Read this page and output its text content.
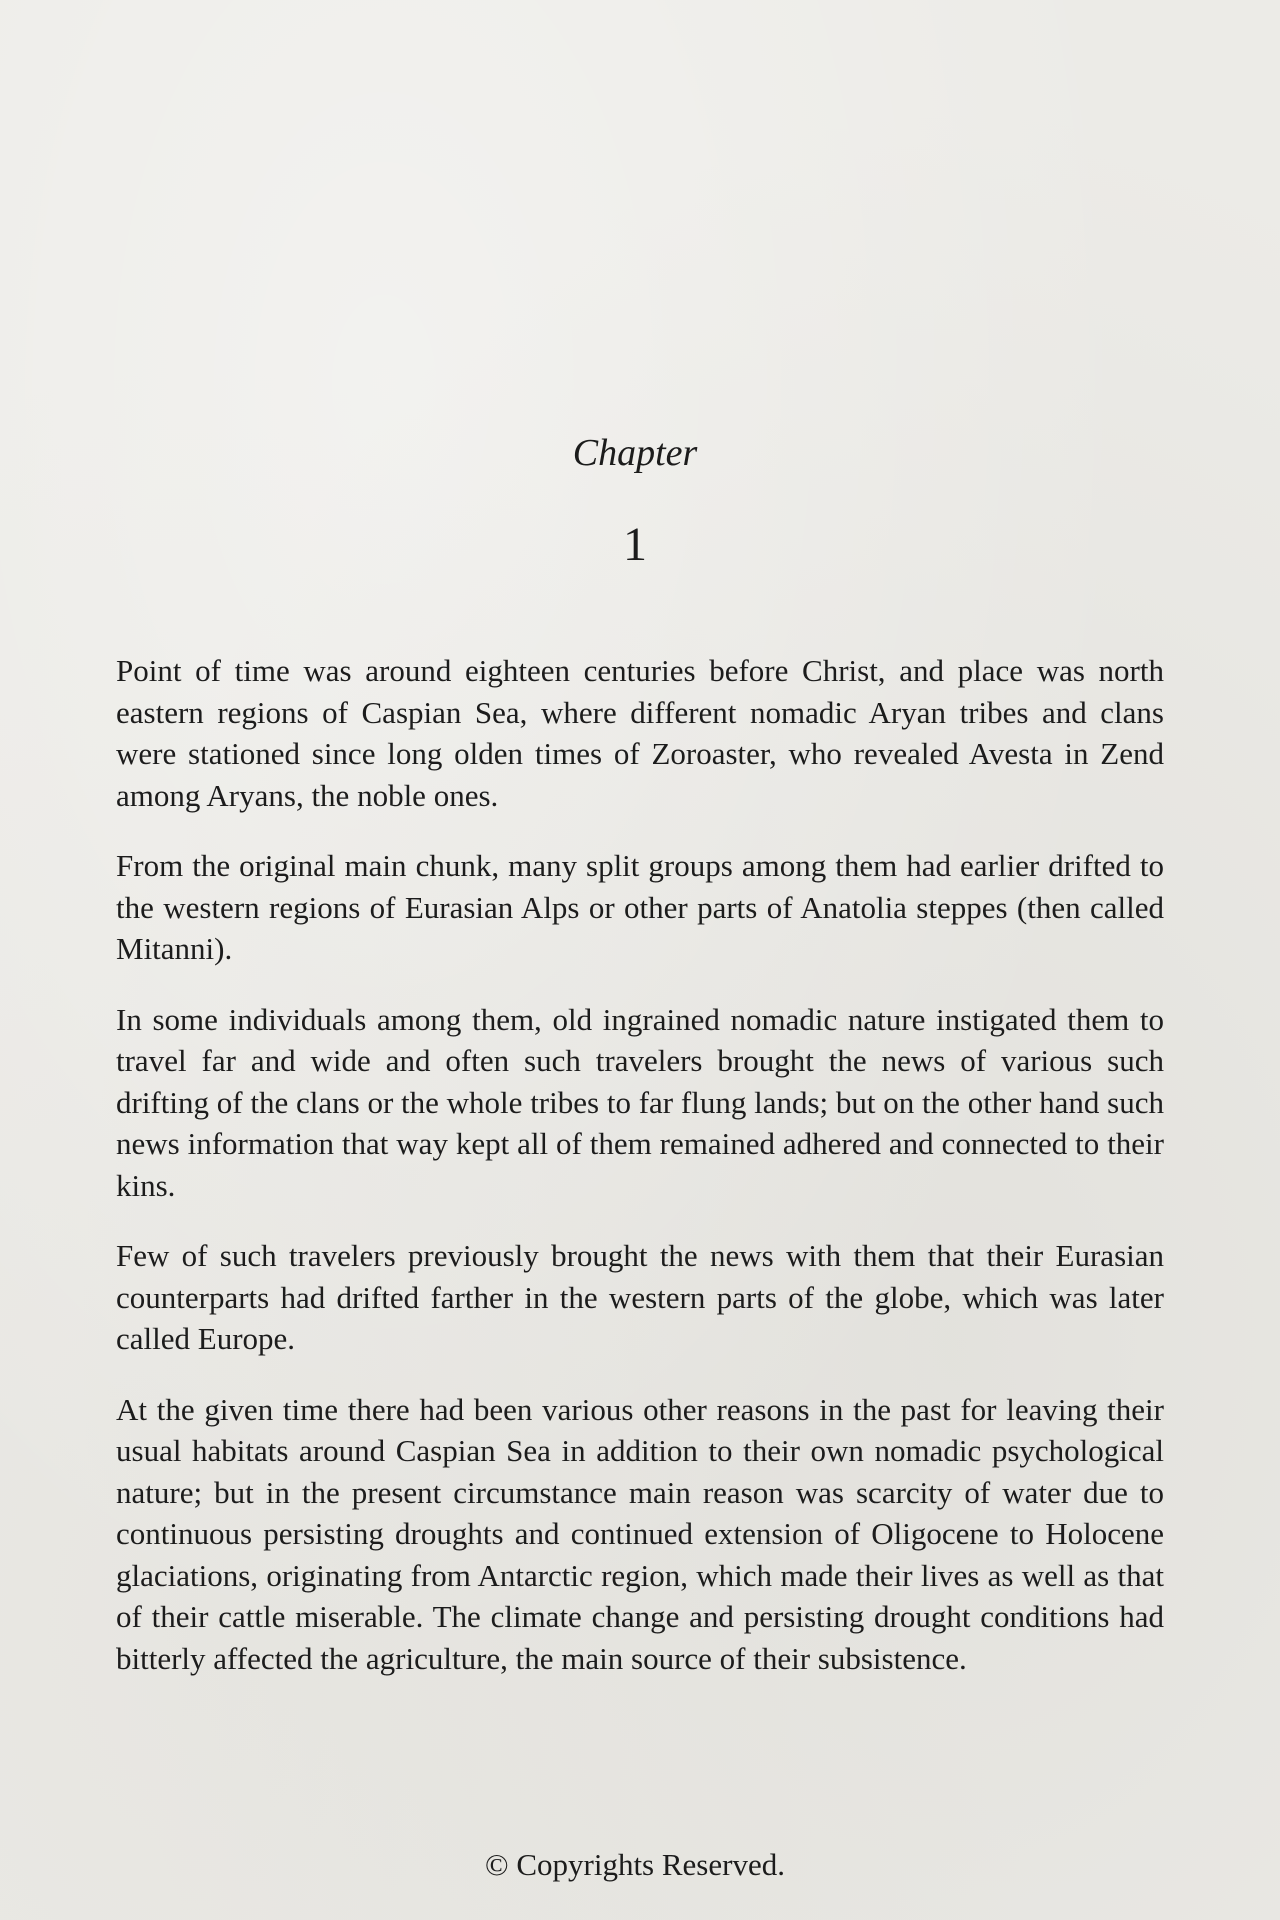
Chapter
1

Point of time was around eighteen centuries before Christ, and place was north eastern regions of Caspian Sea, where different nomadic Aryan tribes and clans were stationed since long olden times of Zoroaster, who revealed Avesta in Zend among Aryans, the noble ones.

From the original main chunk, many split groups among them had earlier drifted to the western regions of Eurasian Alps or other parts of Anatolia steppes (then called Mitanni).

In some individuals among them, old ingrained nomadic nature instigated them to travel far and wide and often such travelers brought the news of various such drifting of the clans or the whole tribes to far flung lands; but on the other hand such news information that way kept all of them remained adhered and connected to their kins.

Few of such travelers previously brought the news with them that their Eurasian counterparts had drifted farther in the western parts of the globe, which was later called Europe.

At the given time there had been various other reasons in the past for leaving their usual habitats around Caspian Sea in addition to their own nomadic psychological nature; but in the present circumstance main reason was scarcity of water due to continuous persisting droughts and continued extension of Oligocene to Holocene glaciations, originating from Antarctic region, which made their lives as well as that of their cattle miserable. The climate change and persisting drought conditions had bitterly affected the agriculture, the main source of their subsistence.

© Copyrights Reserved.
